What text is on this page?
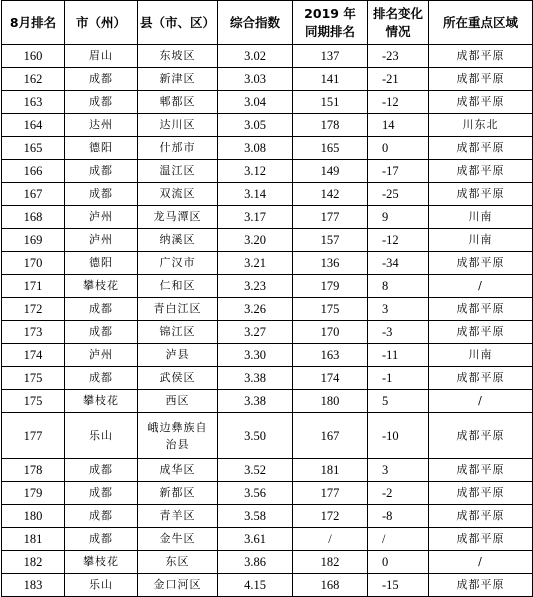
8月排名	市（州）	县（市、区）	综合指数	2019 年同期排名	排名变化情况	所在重点区域
160	眉山	东坡区	3.02	137	-23	成都平原
162	成都	新津区	3.03	141	-21	成都平原
163	成都	郫都区	3.04	151	-12	成都平原
164	达州	达川区	3.05	178	14	川东北
165	德阳	什邡市	3.08	165	0	成都平原
166	成都	温江区	3.12	149	-17	成都平原
167	成都	双流区	3.14	142	-25	成都平原
168	泸州	龙马潭区	3.17	177	9	川南
169	泸州	纳溪区	3.20	157	-12	川南
170	德阳	广汉市	3.21	136	-34	成都平原
171	攀枝花	仁和区	3.23	179	8	/
172	成都	青白江区	3.26	175	3	成都平原
173	成都	锦江区	3.27	170	-3	成都平原
174	泸州	泸县	3.30	163	-11	川南
175	成都	武侯区	3.38	174	-1	成都平原
175	攀枝花	西区	3.38	180	5	/
177	乐山	峨边彝族自治县	3.50	167	-10	成都平原
178	成都	成华区	3.52	181	3	成都平原
179	成都	新都区	3.56	177	-2	成都平原
180	成都	青羊区	3.58	172	-8	成都平原
181	成都	金牛区	3.61	/	/	成都平原
182	攀枝花	东区	3.86	182	0	/
183	乐山	金口河区	4.15	168	-15	成都平原
